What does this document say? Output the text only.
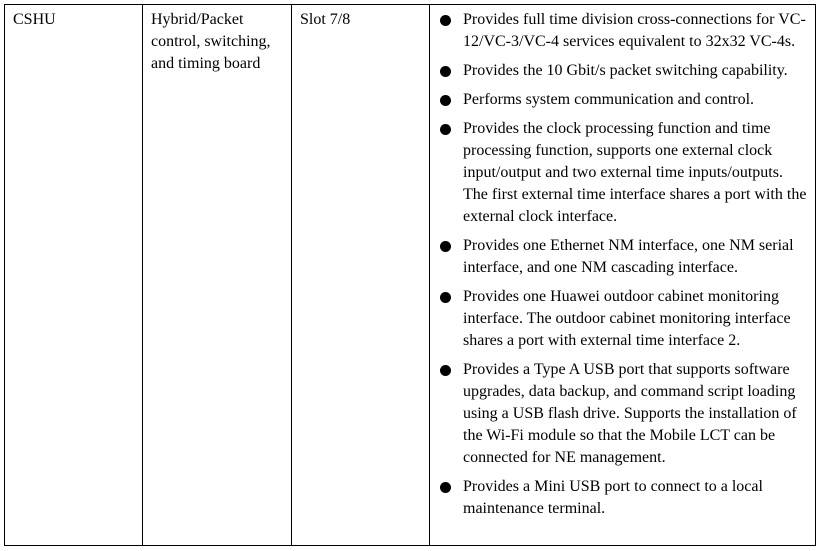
CSHU	Hybrid/Packet control, switching, and timing board	Slot 7/8	Provides full time division cross-connections for VC-12/VC-3/VC-4 services equivalent to 32x32 VC-4s.
Provides the 10 Gbit/s packet switching capability.
Performs system communication and control.
Provides the clock processing function and time processing function, supports one external clock input/output and two external time inputs/outputs. The first external time interface shares a port with the external clock interface.
Provides one Ethernet NM interface, one NM serial interface, and one NM cascading interface.
Provides one Huawei outdoor cabinet monitoring interface. The outdoor cabinet monitoring interface shares a port with external time interface 2.
Provides a Type A USB port that supports software upgrades, data backup, and command script loading using a USB flash drive. Supports the installation of the Wi-Fi module so that the Mobile LCT can be connected for NE management.
Provides a Mini USB port to connect to a local maintenance terminal.
